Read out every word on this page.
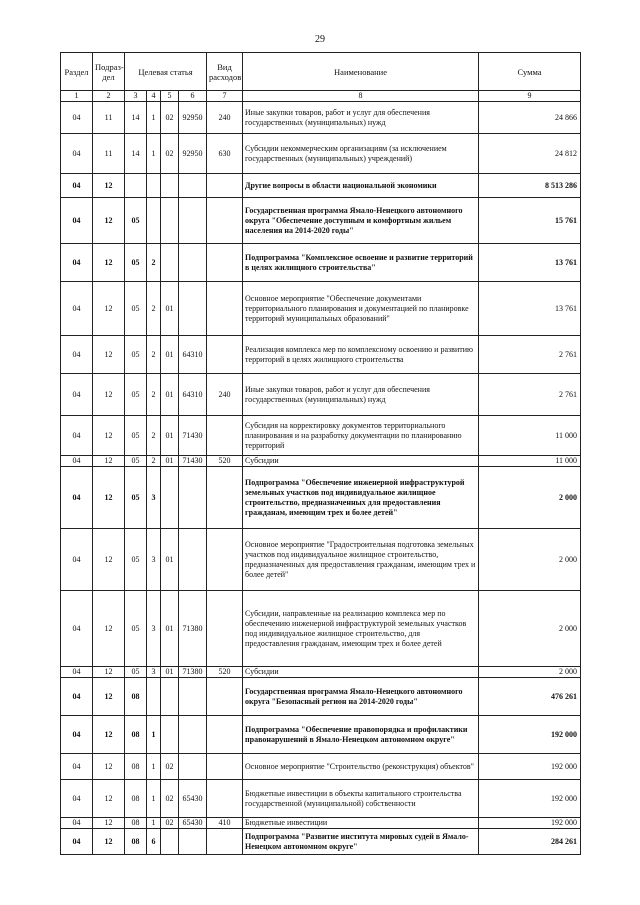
29
Раздел	Подраз-дел	Целевая статья				Вид расходов	Наименование	Сумма
1	2	3	4	5	6	7	8	9
04	11	14	1	02	92950	240	Иные закупки товаров, работ и услуг для обеспечения государственных (муниципальных) нужд	24 866
04	11	14	1	02	92950	630	Субсидии некоммерческим организациям (за исключением государственных (муниципальных) учреждений)	24 812
04	12						Другие вопросы в области национальной экономики	8 513 286
04	12	05					Государственная программа Ямало-Ненецкого автономного округа "Обеспечение доступным и комфортным жильем населения на 2014-2020 годы"	15 761
04	12	05	2				Подпрограмма "Комплексное освоение и развитие территорий в целях жилищного строительства"	13 761
04	12	05	2	01			Основное мероприятие "Обеспечение документами территориального планирования и документацией по планировке территорий муниципальных образований"	13 761
04	12	05	2	01	64310		Реализация комплекса мер по комплексному освоению и развитию территорий в целях жилищного строительства	2 761
04	12	05	2	01	64310	240	Иные закупки товаров, работ и услуг для обеспечения государственных (муниципальных) нужд	2 761
04	12	05	2	01	71430		Субсидия на корректировку документов территориального планирования и на разработку документации по планированию территорий	11 000
04	12	05	2	01	71430	520	Субсидии	11 000
04	12	05	3				Подпрограмма "Обеспечение инженерной инфраструктурой земельных участков под индивидуальное жилищное строительство, предназначенных для предоставления гражданам, имеющим трех и более детей"	2 000
04	12	05	3	01			Основное мероприятие "Градостроительная подготовка земельных участков под индивидуальное жилищное строительство, предназначенных для предоставления гражданам, имеющим трех и более детей"	2 000
04	12	05	3	01	71380		Субсидии, направленные на реализацию комплекса мер по обеспечению инженерной инфраструктурой земельных участков под индивидуальное жилищное строительство, для предоставления гражданам, имеющим трех и более детей	2 000
04	12	05	3	01	71380	520	Субсидии	2 000
04	12	08					Государственная программа Ямало-Ненецкого автономного округа "Безопасный регион на 2014-2020 годы"	476 261
04	12	08	1				Подпрограмма "Обеспечение правопорядка и профилактики правонарушений в Ямало-Ненецком автономном округе"	192 000
04	12	08	1	02			Основное мероприятие "Строительство (реконструкция) объектов"	192 000
04	12	08	1	02	65430		Бюджетные инвестиции в объекты капитального строительства государственной (муниципальной) собственности	192 000
04	12	08	1	02	65430	410	Бюджетные инвестиции	192 000
04	12	08	6				Подпрограмма "Развитие института мировых судей в Ямало-Ненецком автономном округе"	284 261
